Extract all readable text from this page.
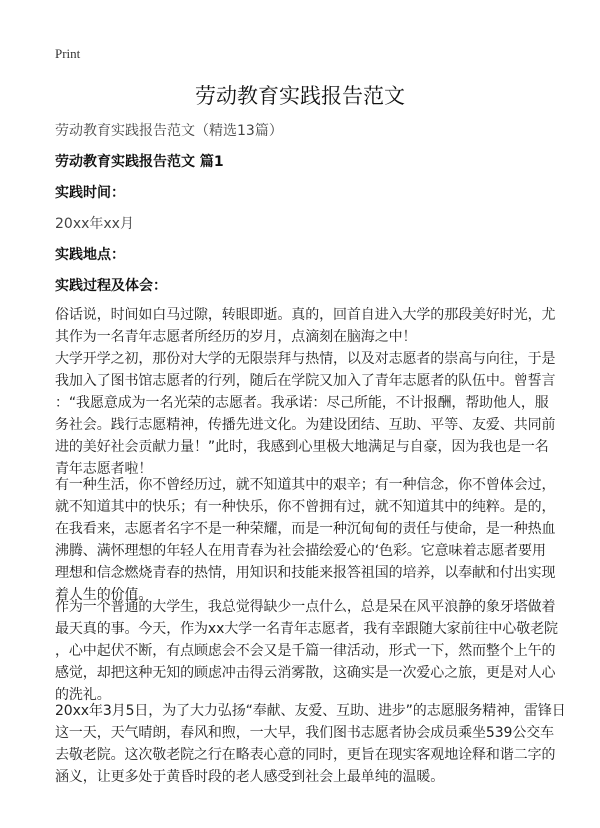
Print
劳动教育实践报告范文
劳动教育实践报告范文（精选13篇）
劳动教育实践报告范文 篇1
实践时间：
20xx年xx月
实践地点：
实践过程及体会：
俗话说，时间如白马过隙，转眼即逝。真的，回首自进入大学的那段美好时光，尤
其作为一名青年志愿者所经历的岁月，点滴刻在脑海之中！
大学开学之初，那份对大学的无限崇拜与热情，以及对志愿者的崇高与向往，于是
我加入了图书馆志愿者的行列，随后在学院又加入了青年志愿者的队伍中。曾誓言
：“我愿意成为一名光荣的志愿者。我承诺：尽己所能，不计报酬，帮助他人，服
务社会。践行志愿精神，传播先进文化。为建设团结、互助、平等、友爱、共同前
进的美好社会贡献力量！”此时，我感到心里极大地满足与自豪，因为我也是一名
青年志愿者啦！
有一种生活，你不曾经历过，就不知道其中的艰辛；有一种信念，你不曾体会过，
就不知道其中的快乐；有一种快乐，你不曾拥有过，就不知道其中的纯粹。是的，
在我看来，志愿者名字不是一种荣耀，而是一种沉甸甸的责任与使命，是一种热血
沸腾、满怀理想的年轻人在用青春为社会描绘爱心的‘色彩。它意味着志愿者要用
理想和信念燃烧青春的热情，用知识和技能来报答祖国的培养，以奉献和付出实现
着人生的价值。
作为一个普通的大学生，我总觉得缺少一点什么，总是呆在风平浪静的象牙塔做着
最天真的事。今天，作为xx大学一名青年志愿者，我有幸跟随大家前往中心敬老院
，心中起伏不断，有点顾虑会不会又是千篇一律活动，形式一下，然而整个上午的
感觉，却把这种无知的顾虑冲击得云消雾散，这确实是一次爱心之旅，更是对人心
的洗礼。
20xx年3月5日，为了大力弘扬“奉献、友爱、互助、进步”的志愿服务精神，雷锋日
这一天，天气晴朗，春风和煦，一大早，我们图书志愿者协会成员乘坐539公交车
去敬老院。这次敬老院之行在略表心意的同时，更旨在现实客观地诠释和谐二字的
涵义，让更多处于黄昏时段的老人感受到社会上最单纯的温暖。
